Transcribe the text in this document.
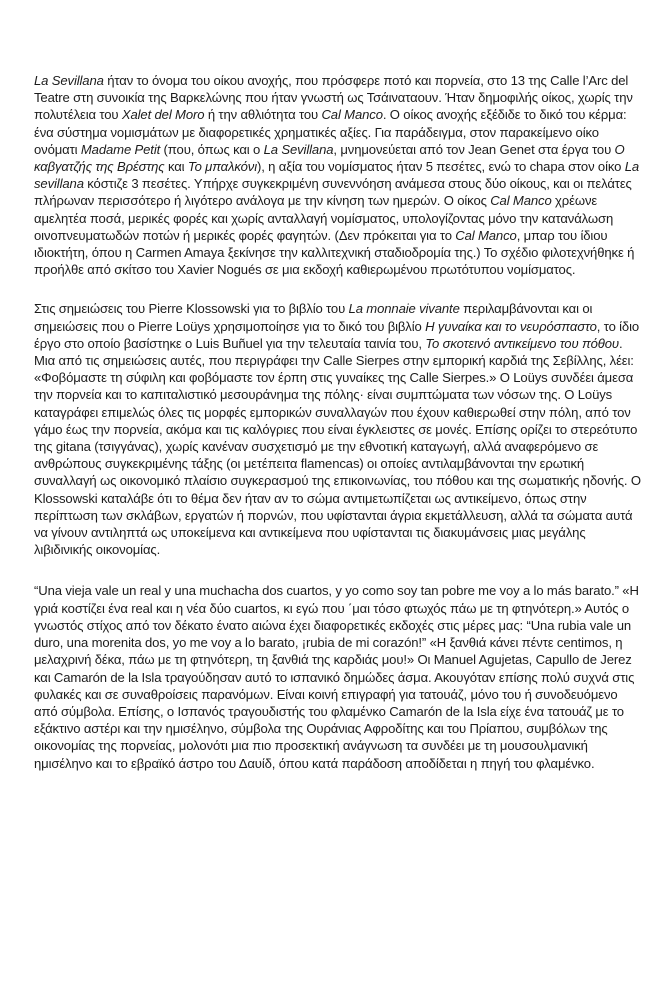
La Sevillana ήταν το όνομα του οίκου ανοχής, που πρόσφερε ποτό και πορνεία, στο 13 της Calle l’Arc del Teatre στη συνοικία της Βαρκελώνης που ήταν γνωστή ως Τσάιναταουν. Ήταν δημοφιλής οίκος, χωρίς την πολυτέλεια του Xalet del Moro ή την αθλιότητα του Cal Manco. Ο οίκος ανοχής εξέδιδε το δικό του κέρμα: ένα σύστημα νομισμάτων με διαφορετικές χρηματικές αξίες. Για παράδειγμα, στον παρακείμενο οίκο ονόματι Madame Petit (που, όπως και ο La Sevillana, μνημονεύεται από τον Jean Genet στα έργα του Ο καβγατζής της Βρέστης και Το μπαλκόνι), η αξία του νομίσματος ήταν 5 πεσέτες, ενώ το chapa στον οίκο La sevillana κόστιζε 3 πεσέτες. Υπήρχε συγκεκριμένη συνεννόηση ανάμεσα στους δύο οίκους, και οι πελάτες πλήρωναν περισσότερο ή λιγότερο ανάλογα με την κίνηση των ημερών. Ο οίκος Cal Manco χρέωνε αμελητέα ποσά, μερικές φορές και χωρίς ανταλλαγή νομίσματος, υπολογίζοντας μόνο την κατανάλωση οινοπνευματωδών ποτών ή μερικές φορές φαγητών. (Δεν πρόκειται για το Cal Manco, μπαρ του ίδιου ιδιοκτήτη, όπου η Carmen Amaya ξεκίνησε την καλλιτεχνική σταδιοδρομία της.) Το σχέδιο φιλοτεχνήθηκε ή προήλθε από σκίτσο του Xavier Nogués σε μια εκδοχή καθιερωμένου πρωτότυπου νομίσματος.

Στις σημειώσεις του Pierre Klossowski για το βιβλίο του La monnaie vivante περιλαμβάνονται και οι σημειώσεις που ο Pierre Loüys χρησιμοποίησε για το δικό του βιβλίο Η γυναίκα και το νευρόσπαστο, το ίδιο έργο στο οποίο βασίστηκε ο Luis Buñuel για την τελευταία ταινία του, Το σκοτεινό αντικείμενο του πόθου. Μια από τις σημειώσεις αυτές, που περιγράφει την Calle Sierpes στην εμπορική καρδιά της Σεβίλλης, λέει: «Φοβόμαστε τη σύφιλη και φοβόμαστε τον έρπη στις γυναίκες της Calle Sierpes.» Ο Loüys συνδέει άμεσα την πορνεία και το καπιταλιστικό μεσουράνημα της πόλης· είναι συμπτώματα των νόσων της. Ο Loüys καταγράφει επιμελώς όλες τις μορφές εμπορικών συναλλαγών που έχουν καθιερωθεί στην πόλη, από τον γάμο έως την πορνεία, ακόμα και τις καλόγριες που είναι έγκλειστες σε μονές. Επίσης ορίζει το στερεότυπο της gitana (τσιγγάνας), χωρίς κανέναν συσχετισμό με την εθνοτική καταγωγή, αλλά αναφερόμενο σε ανθρώπους συγκεκριμένης τάξης (οι μετέπειτα flamencas) οι οποίες αντιλαμβάνονται την ερωτική συναλλαγή ως οικονομικό πλαίσιο συγκερασμού της επικοινωνίας, του πόθου και της σωματικής ηδονής. Ο Klossowski καταλάβε ότι το θέμα δεν ήταν αν το σώμα αντιμετωπίζεται ως αντικείμενο, όπως στην περίπτωση των σκλάβων, εργατών ή πορνών, που υφίστανται άγρια εκμετάλλευση, αλλά τα σώματα αυτά να γίνουν αντιληπτά ως υποκείμενα και αντικείμενα που υφίστανται τις διακυμάνσεις μιας μεγάλης λιβιδινικής οικονομίας.

“Una vieja vale un real y una muchacha dos cuartos, y yo como soy tan pobre me voy a lo más barato.” «Η γριά κοστίζει ένα real και η νέα δύο cuartos, κι εγώ που ΄μαι τόσο φτωχός πάω με τη φτηνότερη.» Αυτός ο γνωστός στίχος από τον δέκατο ένατο αιώνα έχει διαφορετικές εκδοχές στις μέρες μας: “Una rubia vale un duro, una morenita dos, yo me voy a lo barato, ¡rubia de mi corazón!” «Η ξανθιά κάνει πέντε centimos, η μελαχρινή δέκα, πάω με τη φτηνότερη, τη ξανθιά της καρδιάς μου!» Οι Manuel Agujetas, Capullo de Jerez και Camarón de la Isla τραγούδησαν αυτό το ισπανικό δημώδες άσμα. Ακουγόταν επίσης πολύ συχνά στις φυλακές και σε συναθροίσεις παρανόμων. Είναι κοινή επιγραφή για τατουάζ, μόνο του ή συνοδευόμενο από σύμβολα. Επίσης, ο Ισπανός τραγουδιστής του φλαμένκο Camarón de la Isla είχε ένα τατουάζ με το εξάκτινο αστέρι και την ημισέληνο, σύμβολα της Ουράνιας Αφροδίτης και του Πρίαπου, συμβόλων της οικονομίας της πορνείας, μολονότι μια πιο προσεκτική ανάγνωση τα συνδέει με τη μουσουλμανική ημισέληνο και το εβραϊκό άστρο του Δαυίδ, όπου κατά παράδοση αποδίδεται η πηγή του φλαμένκο.
